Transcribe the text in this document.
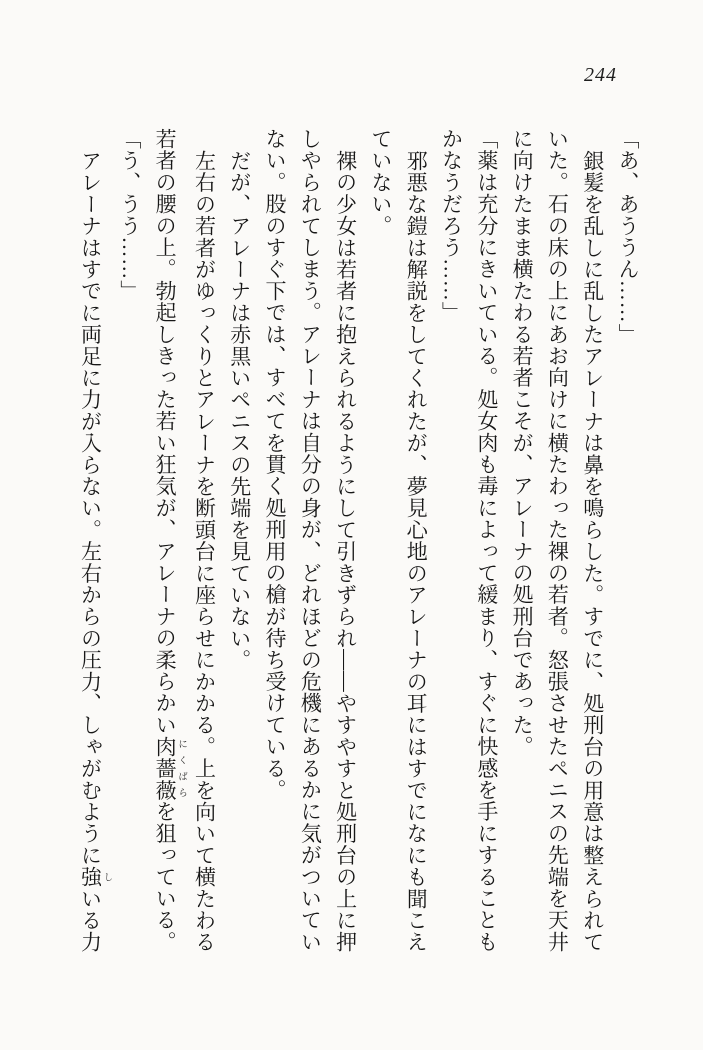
244

「あ、あううん……」

銀髪を乱しに乱したアレーナは鼻を鳴らした。すでに、処刑台の用意は整えられて

いた。石の床の上にあお向けに横たわった裸の若者。怒張させたペニスの先端を天井

に向けたまま横たわる若者こそが、アレーナの処刑台であった。

「薬は充分にきいている。処女肉も毒によって緩まり、すぐに快感を手にすることも

かなうだろう……」

邪悪な鎧は解説をしてくれたが、夢見心地のアレーナの耳にはすでになにも聞こえ

ていない。

裸の少女は若者に抱えられるようにして引きずられ――やすやすと処刑台の上に押

しやられてしまう。アレーナは自分の身が、どれほどの危機にあるかに気がついてい

ない。股のすぐ下では、すべてを貫く処刑用の槍が待ち受けている。

だが、アレーナは赤黒いペニスの先端を見ていない。

左右の若者がゆっくりとアレーナを断頭台に座らせにかかる。上を向いて横たわる

若者の腰の上。勃起しきった若い狂気が、アレーナの柔らかい肉薔薇 にくばらを狙っている。

「う、うう……」

アレーナはすでに両足に力が入らない。左右からの圧力、しゃがむように強 しいる力
